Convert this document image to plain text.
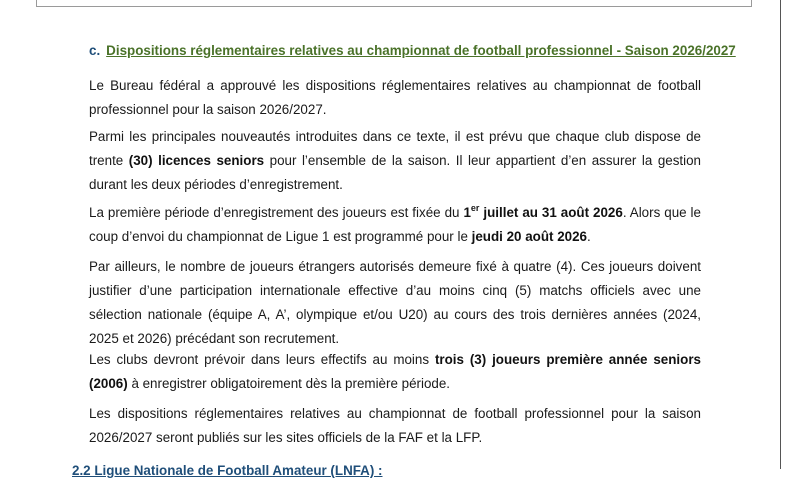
c. Dispositions réglementaires relatives au championnat de football professionnel - Saison 2026/2027

Le Bureau fédéral a approuvé les dispositions réglementaires relatives au championnat de football professionnel pour la saison 2026/2027.

Parmi les principales nouveautés introduites dans ce texte, il est prévu que chaque club dispose de trente (30) licences seniors pour l’ensemble de la saison. Il leur appartient d’en assurer la gestion durant les deux périodes d’enregistrement.

La première période d’enregistrement des joueurs est fixée du 1er juillet au 31 août 2026. Alors que le coup d’envoi du championnat de Ligue 1 est programmé pour le jeudi 20 août 2026.

Par ailleurs, le nombre de joueurs étrangers autorisés demeure fixé à quatre (4). Ces joueurs doivent justifier d’une participation internationale effective d’au moins cinq (5) matchs officiels avec une sélection nationale (équipe A, A’, olympique et/ou U20) au cours des trois dernières années (2024, 2025 et 2026) précédant son recrutement.

Les clubs devront prévoir dans leurs effectifs au moins trois (3) joueurs première année seniors (2006) à enregistrer obligatoirement dès la première période.

Les dispositions réglementaires relatives au championnat de football professionnel pour la saison 2026/2027 seront publiés sur les sites officiels de la FAF et la LFP.

2.2 Ligue Nationale de Football Amateur (LNFA) :
